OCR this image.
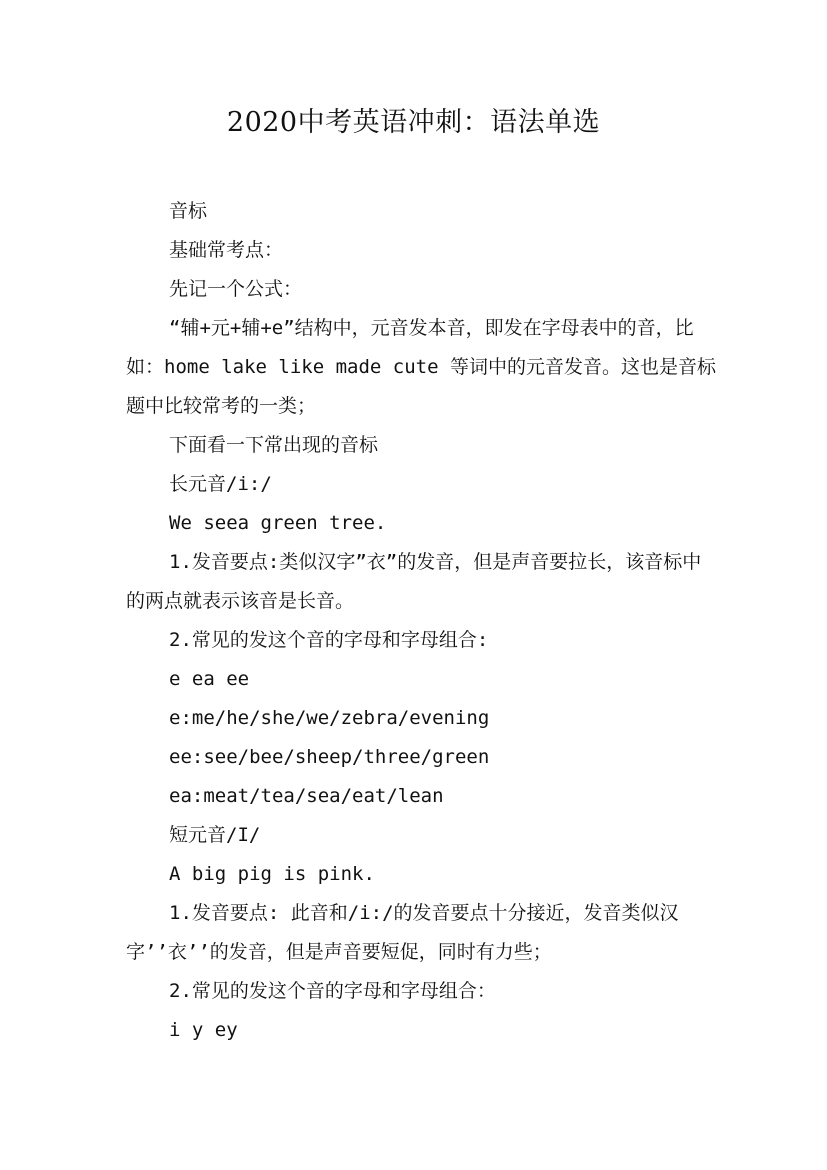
2020中考英语冲刺：语法单选

音标

基础常考点：

先记一个公式：

“辅+元+辅+e”结构中，元音发本音，即发在字母表中的音，比如：home lake like made cute 等词中的元音发音。这也是音标题中比较常考的一类；

下面看一下常出现的音标

长元音/i:/

We seea green tree.

1.发音要点:类似汉字”衣”的发音，但是声音要拉长，该音标中的两点就表示该音是长音。

2.常见的发这个音的字母和字母组合:

e ea ee

e:me/he/she/we/zebra/evening

ee:see/bee/sheep/three/green

ea:meat/tea/sea/eat/lean

短元音/I/

A big pig is pink.

1.发音要点: 此音和/i:/的发音要点十分接近，发音类似汉字’’衣’’的发音，但是声音要短促，同时有力些；

2.常见的发这个音的字母和字母组合：

i y ey
